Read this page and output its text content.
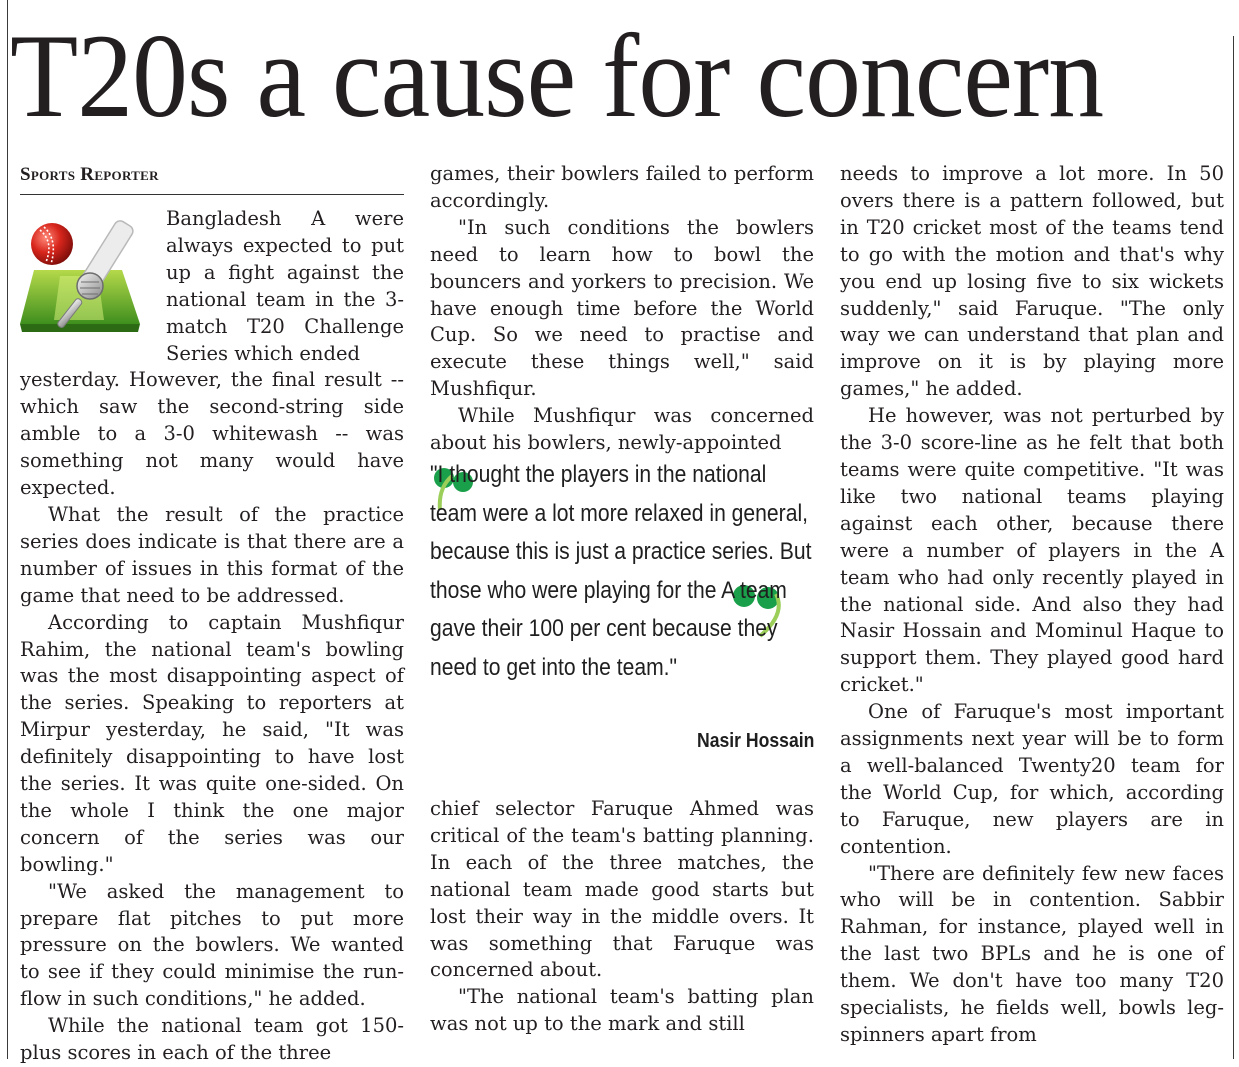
T20s a cause for concern
Sports Reporter

Bangladesh A were always expected to put up a fight against the national team in the 3-match T20 Challenge Series which ended

yesterday. However, the final result -- which saw the second-string side amble to a 3-0 whitewash -- was something not many would have expected.

What the result of the practice series does indicate is that there are a number of issues in this format of the game that need to be addressed.

According to captain Mushfiqur Rahim, the national team's bowling was the most disappointing aspect of the series. Speaking to reporters at Mirpur yesterday, he said, "It was definitely disappointing to have lost the series. It was quite one-sided. On the whole I think the one major concern of the series was our bowling."

"We asked the management to prepare flat pitches to put more pressure on the bowlers. We wanted to see if they could minimise the run-flow in such conditions," he added.

While the national team got 150-plus scores in each of the three

games, their bowlers failed to perform accordingly.

"In such conditions the bowlers need to learn how to bowl the bouncers and yorkers to precision. We have enough time before the World Cup. So we need to practise and execute these things well," said Mushfiqur.

While Mushfiqur was concerned about his bowlers, newly-appointed

"I thought the players in the national team were a lot more relaxed in general, because this is just a practice series. But those who were playing for the A team gave their 100 per cent because they need to get into the team."
Nasir Hossain

chief selector Faruque Ahmed was critical of the team's batting planning. In each of the three matches, the national team made good starts but lost their way in the middle overs. It was something that Faruque was concerned about.

"The national team's batting plan was not up to the mark and still

needs to improve a lot more. In 50 overs there is a pattern followed, but in T20 cricket most of the teams tend to go with the motion and that's why you end up losing five to six wickets suddenly," said Faruque. "The only way we can understand that plan and improve on it is by playing more games," he added.

He however, was not perturbed by the 3-0 score-line as he felt that both teams were quite competitive. "It was like two national teams playing against each other, because there were a number of players in the A team who had only recently played in the national side. And also they had Nasir Hossain and Mominul Haque to support them. They played good hard cricket."

One of Faruque's most important assignments next year will be to form a well-balanced Twenty20 team for the World Cup, for which, according to Faruque, new players are in contention.

"There are definitely few new faces who will be in contention. Sabbir Rahman, for instance, played well in the last two BPLs and he is one of them. We don't have too many T20 specialists, he fields well, bowls leg-spinners apart from
